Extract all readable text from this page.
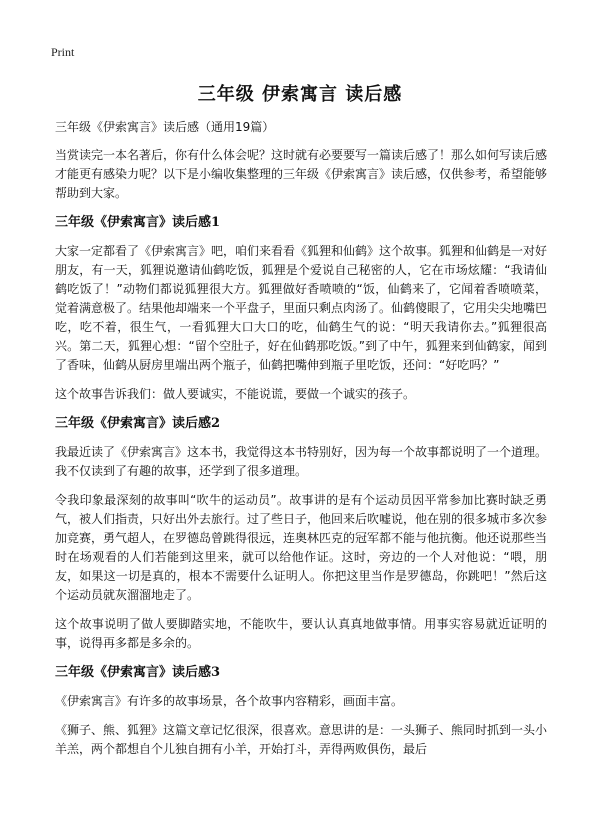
Print
三年级 伊索寓言 读后感

三年级《伊索寓言》读后感（通用19篇）

当赏读完一本名著后，你有什么体会呢？这时就有必要要写一篇读后感了！那么如何写读后感才能更有感染力呢？以下是小编收集整理的三年级《伊索寓言》读后感，仅供参考，希望能够帮助到大家。

三年级《伊索寓言》读后感1

大家一定都看了《伊索寓言》吧，咱们来看看《狐狸和仙鹤》这个故事。狐狸和仙鹤是一对好朋友，有一天，狐狸说邀请仙鹤吃饭，狐狸是个爱说自己秘密的人，它在市场炫耀：“我请仙鹤吃饭了！”动物们都说狐狸很大方。狐狸做好香喷喷的“饭，仙鹤来了，它闻着香喷喷菜，觉着满意极了。结果他却端来一个平盘子，里面只剩点肉汤了。仙鹤傻眼了，它用尖尖地嘴巴吃，吃不着，很生气，一看狐狸大口大口的吃，仙鹤生气的说：“明天我请你去。”狐狸很高兴。第二天，狐狸心想：“留个空肚子，好在仙鹤那吃饭。”到了中午，狐狸来到仙鹤家，闻到了香味，仙鹤从厨房里端出两个瓶子，仙鹤把嘴伸到瓶子里吃饭，还问：“好吃吗？”

这个故事告诉我们：做人要诚实，不能说谎，要做一个诚实的孩子。

三年级《伊索寓言》读后感2

我最近读了《伊索寓言》这本书，我觉得这本书特别好，因为每一个故事都说明了一个道理。我不仅读到了有趣的故事，还学到了很多道理。

令我印象最深刻的故事叫“吹牛的运动员”。故事讲的是有个运动员因平常参加比赛时缺乏勇气，被人们指责，只好出外去旅行。过了些日子，他回来后吹嘘说，他在别的很多城市多次参加竞赛，勇气超人，在罗德岛曾跳得很远，连奥林匹克的冠军都不能与他抗衡。他还说那些当时在场观看的人们若能到这里来，就可以给他作证。这时，旁边的一个人对他说：“喂，朋友，如果这一切是真的，根本不需要什么证明人。你把这里当作是罗德岛，你跳吧！”然后这个运动员就灰溜溜地走了。

这个故事说明了做人要脚踏实地，不能吹牛，要认认真真地做事情。用事实容易就近证明的事，说得再多都是多余的。

三年级《伊索寓言》读后感3

《伊索寓言》有许多的故事场景，各个故事内容精彩，画面丰富。

《狮子、熊、狐狸》这篇文章记忆很深，很喜欢。意思讲的是：一头狮子、熊同时抓到一头小羊羔，两个都想自个儿独自拥有小羊，开始打斗，弄得两败俱伤，最后
